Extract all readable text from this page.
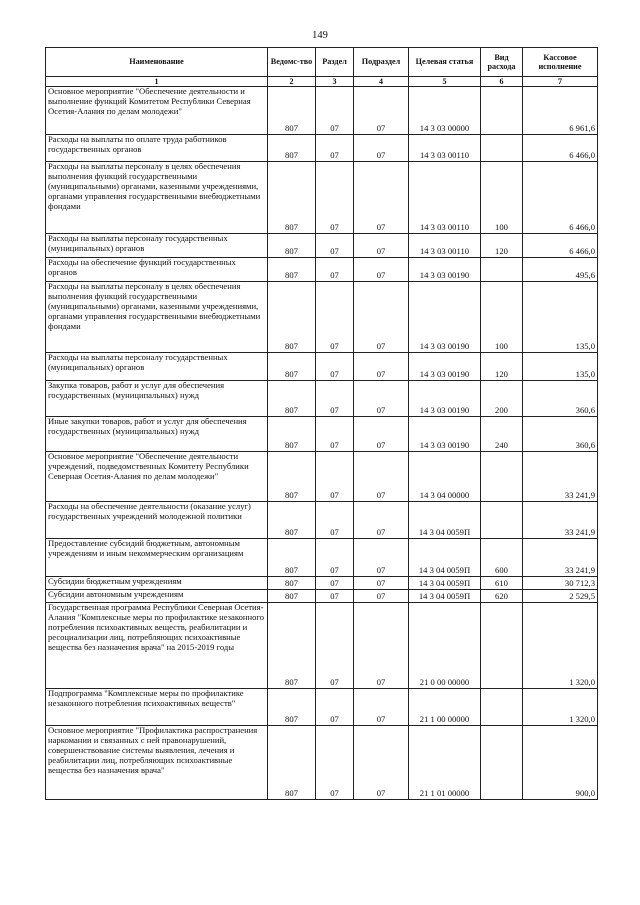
149
Наименование	Ведомс-тво	Раздел	Подраздел	Целевая статья	Вид расхода	Кассовое исполнение
1	2	3	4	5	6	7
Основное мероприятие "Обеспечение деятельности и выполнение функций Комитетом Республики Северная Осетия-Алания по делам молодежи"	807	07	07	14 3 03 00000		6 961,6
Расходы на выплаты по оплате труда работников государственных органов	807	07	07	14 3 03 00110		6 466,0
Расходы на выплаты персоналу в целях обеспечения выполнения функций государственными (муниципальными) органами, казенными учреждениями, органами управления государственными внебюджетными фондами	807	07	07	14 3 03 00110	100	6 466,0
Расходы на выплаты персоналу государственных (муниципальных) органов	807	07	07	14 3 03 00110	120	6 466,0
Расходы на обеспечение функций государственных органов	807	07	07	14 3 03 00190		495,6
Расходы на выплаты персоналу в целях обеспечения выполнения функций государственными (муниципальными) органами, казенными учреждениями, органами управления государственными внебюджетными фондами	807	07	07	14 3 03 00190	100	135,0
Расходы на выплаты персоналу государственных (муниципальных) органов	807	07	07	14 3 03 00190	120	135,0
Закупка товаров, работ и услуг для обеспечения государственных (муниципальных) нужд	807	07	07	14 3 03 00190	200	360,6
Иные закупки товаров, работ и услуг для обеспечения государственных (муниципальных) нужд	807	07	07	14 3 03 00190	240	360,6
Основное мероприятие "Обеспечение деятельности учреждений, подведомственных Комитету Республики Северная Осетия-Алания по делам молодежи"	807	07	07	14 3 04 00000		33 241,9
Расходы на обеспечение деятельности (оказание услуг) государственных учреждений молодежной политики	807	07	07	14 3 04 0059П		33 241,9
Предоставление субсидий бюджетным, автономным учреждениям и иным некоммерческим организациям	807	07	07	14 3 04 0059П	600	33 241,9
Субсидии бюджетным учреждениям	807	07	07	14 3 04 0059П	610	30 712,3
Субсидии автономным учреждениям	807	07	07	14 3 04 0059П	620	2 529,5
Государственная программа Республики Северная Осетия-Алания "Комплексные меры по профилактике незаконного потребления психоактивных веществ, реабилитации и ресоциализации лиц, потребляющих психоактивные вещества без назначения врача" на 2015-2019 годы	807	07	07	21 0 00 00000		1 320,0
Подпрограмма "Комплексные меры по профилактике незаконного потребления психоактивных веществ"	807	07	07	21 1 00 00000		1 320,0
Основное мероприятие "Профилактика распространения наркомании и связанных с ней правонарушений, совершенствование системы выявления, лечения и реабилитации лиц, потребляющих психоактивные вещества без назначения врача"	807	07	07	21 1 01 00000		900,0
